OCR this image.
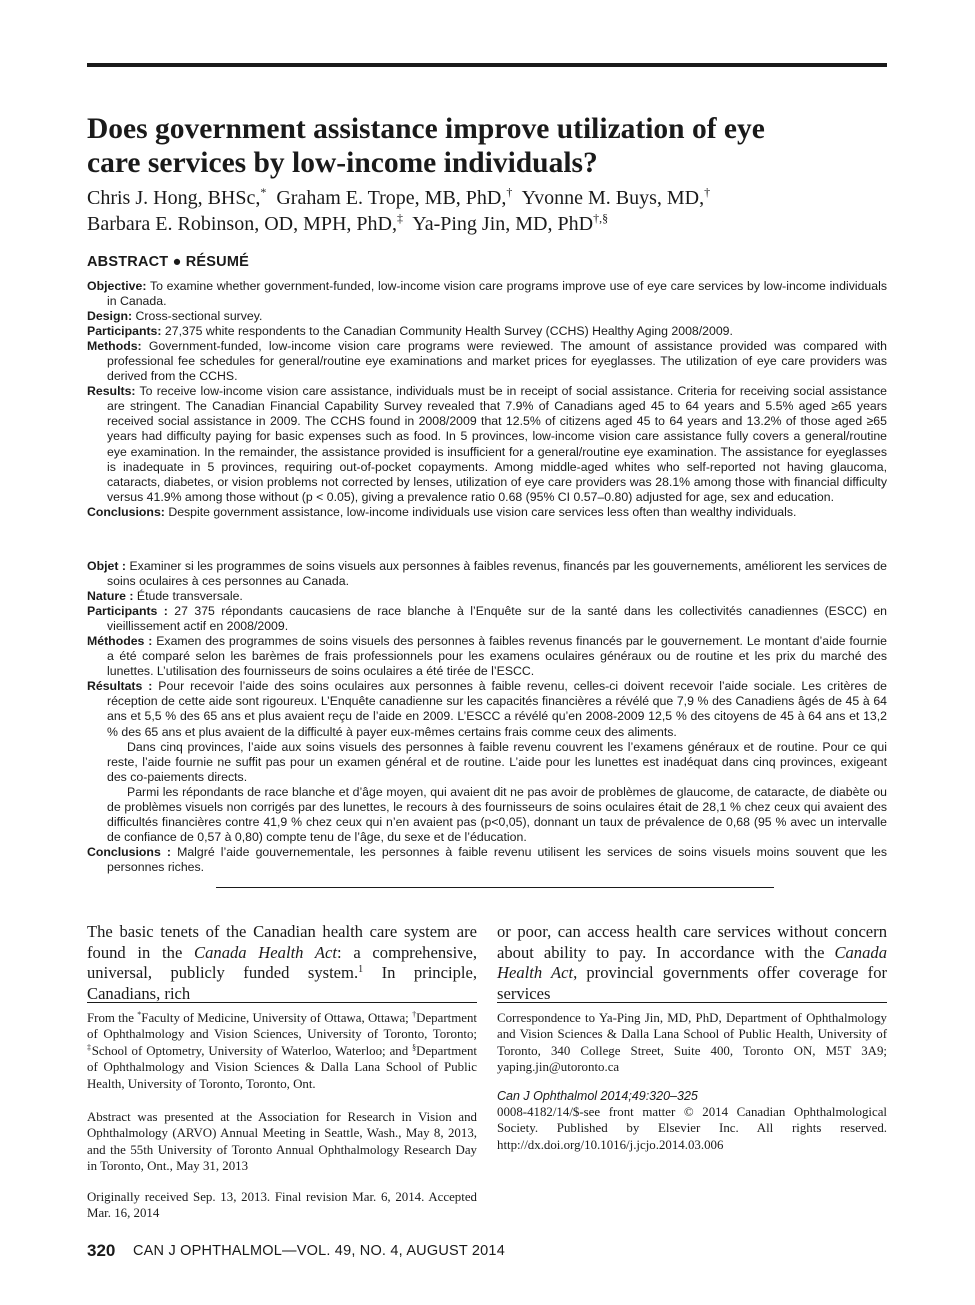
Does government assistance improve utilization of eye care services by low-income individuals?
Chris J. Hong, BHSc,* Graham E. Trope, MB, PhD,† Yvonne M. Buys, MD,†
Barbara E. Robinson, OD, MPH, PhD,‡ Ya-Ping Jin, MD, PhD†,§
ABSTRACT ● RÉSUMÉ

Objective: To examine whether government-funded, low-income vision care programs improve use of eye care services by low-income individuals in Canada.

Design: Cross-sectional survey.

Participants: 27,375 white respondents to the Canadian Community Health Survey (CCHS) Healthy Aging 2008/2009.

Methods: Government-funded, low-income vision care programs were reviewed. The amount of assistance provided was compared with professional fee schedules for general/routine eye examinations and market prices for eyeglasses. The utilization of eye care providers was derived from the CCHS.

Results: To receive low-income vision care assistance, individuals must be in receipt of social assistance. Criteria for receiving social assistance are stringent. The Canadian Financial Capability Survey revealed that 7.9% of Canadians aged 45 to 64 years and 5.5% aged ≥65 years received social assistance in 2009. The CCHS found in 2008/2009 that 12.5% of citizens aged 45 to 64 years and 13.2% of those aged ≥65 years had difficulty paying for basic expenses such as food. In 5 provinces, low-income vision care assistance fully covers a general/routine eye examination. In the remainder, the assistance provided is insufficient for a general/routine eye examination. The assistance for eyeglasses is inadequate in 5 provinces, requiring out-of-pocket copayments. Among middle-aged whites who self-reported not having glaucoma, cataracts, diabetes, or vision problems not corrected by lenses, utilization of eye care providers was 28.1% among those with financial difficulty versus 41.9% among those without (p < 0.05), giving a prevalence ratio 0.68 (95% CI 0.57–0.80) adjusted for age, sex and education.

Conclusions: Despite government assistance, low-income individuals use vision care services less often than wealthy individuals.

Objet : Examiner si les programmes de soins visuels aux personnes à faibles revenus, financés par les gouvernements, améliorent les services de soins oculaires à ces personnes au Canada.

Nature : Étude transversale.

Participants : 27 375 répondants caucasiens de race blanche à l’Enquête sur de la santé dans les collectivités canadiennes (ESCC) en vieillissement actif en 2008/2009.

Méthodes : Examen des programmes de soins visuels des personnes à faibles revenus financés par le gouvernement. Le montant d’aide fournie a été comparé selon les barèmes de frais professionnels pour les examens oculaires généraux ou de routine et les prix du marché des lunettes. L’utilisation des fournisseurs de soins oculaires a été tirée de l’ESCC.

Résultats : Pour recevoir l’aide des soins oculaires aux personnes à faible revenu, celles-ci doivent recevoir l’aide sociale. Les critères de réception de cette aide sont rigoureux. L’Enquête canadienne sur les capacités financières a révélé que 7,9 % des Canadiens âgés de 45 à 64 ans et 5,5 % des 65 ans et plus avaient reçu de l’aide en 2009. L’ESCC a révélé qu’en 2008-2009 12,5 % des citoyens de 45 à 64 ans et 13,2 % des 65 ans et plus avaient de la difficulté à payer eux-mêmes certains frais comme ceux des aliments.

Dans cinq provinces, l’aide aux soins visuels des personnes à faible revenu couvrent les l’examens généraux et de routine. Pour ce qui reste, l’aide fournie ne suffit pas pour un examen général et de routine. L’aide pour les lunettes est inadéquat dans cinq provinces, exigeant des co-paiements directs.

Parmi les répondants de race blanche et d’âge moyen, qui avaient dit ne pas avoir de problèmes de glaucome, de cataracte, de diabète ou de problèmes visuels non corrigés par des lunettes, le recours à des fournisseurs de soins oculaires était de 28,1 % chez ceux qui avaient des difficultés financières contre 41,9 % chez ceux qui n’en avaient pas (p<0,05), donnant un taux de prévalence de 0,68 (95 % avec un intervalle de confiance de 0,57 à 0,80) compte tenu de l’âge, du sexe et de l’éducation.

Conclusions : Malgré l’aide gouvernementale, les personnes à faible revenu utilisent les services de soins visuels moins souvent que les personnes riches.

The basic tenets of the Canadian health care system are found in the Canada Health Act: a comprehensive, universal, publicly funded system.$^1$ In principle, Canadians, rich
or poor, can access health care services without concern about ability to pay. In accordance with the Canada Health Act, provincial governments offer coverage for services
From the *Faculty of Medicine, University of Ottawa, Ottawa; †Department of Ophthalmology and Vision Sciences, University of Toronto, Toronto; ‡School of Optometry, University of Waterloo, Waterloo; and §Department of Ophthalmology and Vision Sciences & Dalla Lana School of Public Health, University of Toronto, Toronto, Ont.
Abstract was presented at the Association for Research in Vision and Ophthalmology (ARVO) Annual Meeting in Seattle, Wash., May 8, 2013, and the 55th University of Toronto Annual Ophthalmology Research Day in Toronto, Ont., May 31, 2013
Originally received Sep. 13, 2013. Final revision Mar. 6, 2014. Accepted Mar. 16, 2014
Correspondence to Ya-Ping Jin, MD, PhD, Department of Ophthalmology and Vision Sciences & Dalla Lana School of Public Health, University of Toronto, 340 College Street, Suite 400, Toronto ON, M5T 3A9; yaping.jin@utoronto.ca
Can J Ophthalmol 2014;49:320–325
0008-4182/14/$-see front matter © 2014 Canadian Ophthalmological Society. Published by Elsevier Inc. All rights reserved. http://dx.doi.org/10.1016/j.jcjo.2014.03.006
320 CAN J OPHTHALMOL—VOL. 49, NO. 4, AUGUST 2014
